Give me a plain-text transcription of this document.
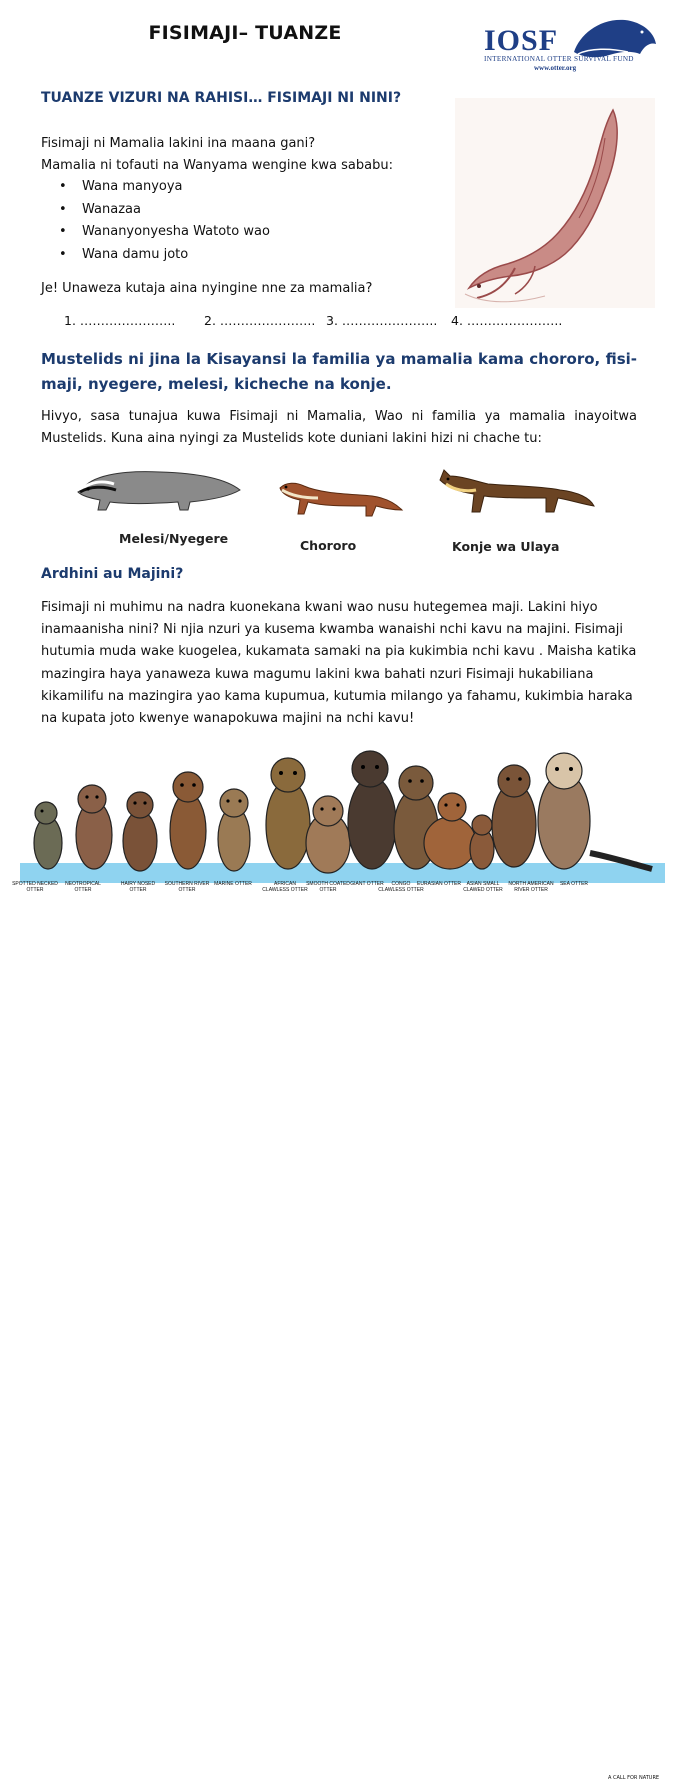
FISIMAJI– TUANZE	IOSF
INTERNATIONAL OTTER SURVIVAL FUND
www.otter.org
TUANZE VIZURI NA RAHISI… FISIMAJI NI NINI?
Fisimaji ni Mamalia lakini ina maana gani?
Mamalia ni tofauti na Wanyama wengine kwa sababu:
• Wana manyoya
• Wanazaa
• Wananyonyesha Watoto wao
• Wana damu joto
Je! Unaweza kutaja aina nyingine nne za mamalia?
1. ………………….. 2. ………………….. 3. ………………….. 4. …………………..
Mustelids ni jina la Kisayansi la familia ya mamalia kama chororo, fisi-maji, nyegere, melesi, kicheche na konje.
Hivyo, sasa tunajua kuwa Fisimaji ni Mamalia, Wao ni familia ya mamalia inayoitwa Mustelids. Kuna aina nyingi za Mustelids kote duniani lakini hizi ni chache tu:
Melesi/Nyegere	Chororo	Konje wa Ulaya
Ardhini au Majini?
Fisimaji ni muhimu na nadra kuonekana kwani wao nusu hutegemea maji. Lakini hiyo inamaanisha nini? Ni njia nzuri ya kusema kwamba wanaishi nchi kavu na majini. Fisimaji hutumia muda wake kuogelea, kukamata samaki na pia kukimbia nchi kavu . Maisha katika mazingira haya yanaweza kuwa magumu lakini kwa bahati nzuri Fisimaji hukabiliana kikamilifu na mazingira yao kama kupumua, kutumia milango ya fahamu, kukimbia haraka na kupata joto kwenye wanapokuwa majini na nchi kavu!
SPOTTED NECKED OTTER
NEOTROPICAL OTTER
HAIRY NOSED OTTER
SOUTHERN RIVER OTTER
MARINE OTTER	AFRICAN CLAWLESS OTTER
SMOOTH COATED OTTER
GIANT OTTER	CONGO CLAWLESS OTTER
EURASIAN OTTER	ASIAN SMALL CLAWED OTTER
NORTH AMERICAN RIVER OTTER
SEA OTTER
A CALL FOR NATURE
